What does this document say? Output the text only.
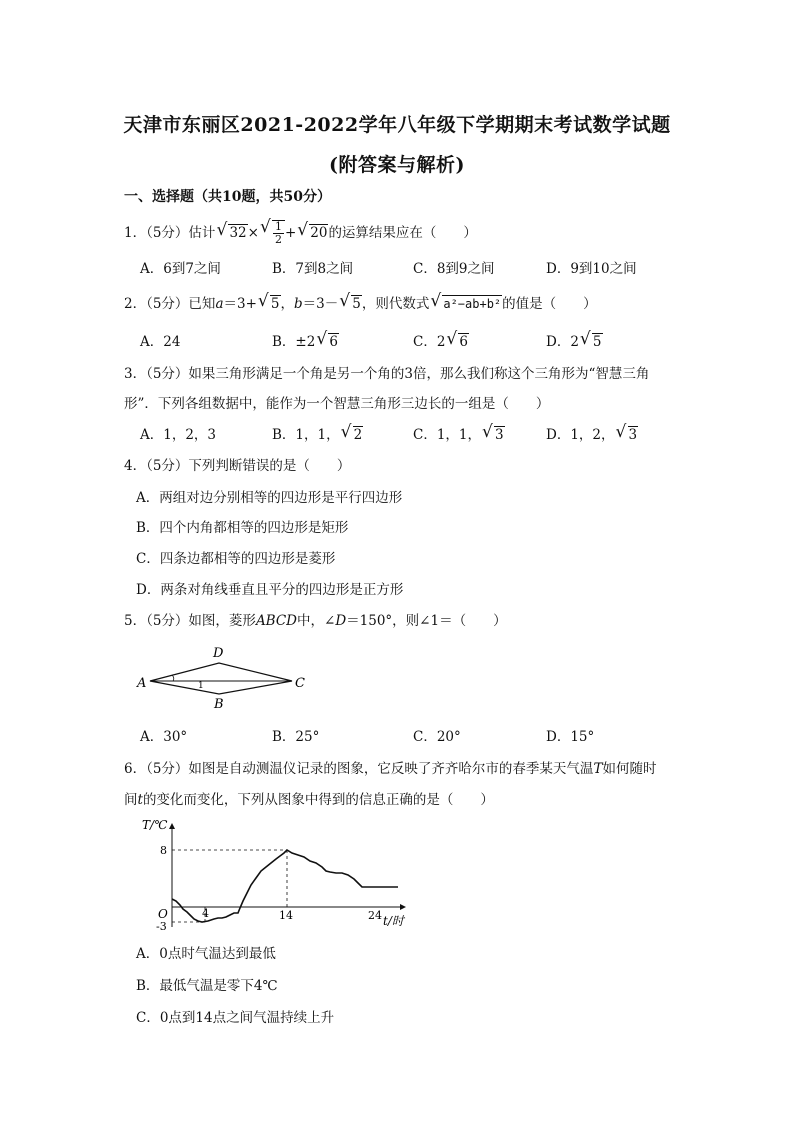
天津市东丽区2021-2022学年八年级下学期期末考试数学试题
(附答案与解析)
一、选择题（共10题，共50分）
1．（5分）估计 √ 32× √ $\frac{1}{2}$ + √ 20的运算结果应在（　　）
A．6到7之间	B．7到8之间	C．8到9之间	D．9到10之间
2．（5分）已知a＝3+ √ 5，b＝3－ √ 5，则代数式 √ a²−ab+b²的值是（　　）
A．24	B．±2 √ 6	C．2 √ 6	D．2 √ 5
3．（5分）如果三角形满足一个角是另一个角的3倍，那么我们称这个三角形为“智慧三角
形”．下列各组数据中，能作为一个智慧三角形三边长的一组是（　　）
A．1，2，3	B．1，1， √ 2	C．1，1， √ 3	D．1，2， √ 3
4．（5分）下列判断错误的是（　　）
A．两组对边分别相等的四边形是平行四边形
B．四个内角都相等的四边形是矩形
C．四条边都相等的四边形是菱形
D．两条对角线垂直且平分的四边形是正方形
5．（5分）如图，菱形ABCD中，∠D＝150°，则∠1＝（　　）
A
D
C
B
1
A．30°	B．25°	C．20°	D．15°
6．（5分）如图是自动测温仪记录的图象，它反映了齐齐哈尔市的春季某天气温T如何随时
间t的变化而变化，下列从图象中得到的信息正确的是（　　）
T/℃
t/时
O	4	14	24
8
-3
A．0点时气温达到最低
B．最低气温是零下4℃
C．0点到14点之间气温持续上升
